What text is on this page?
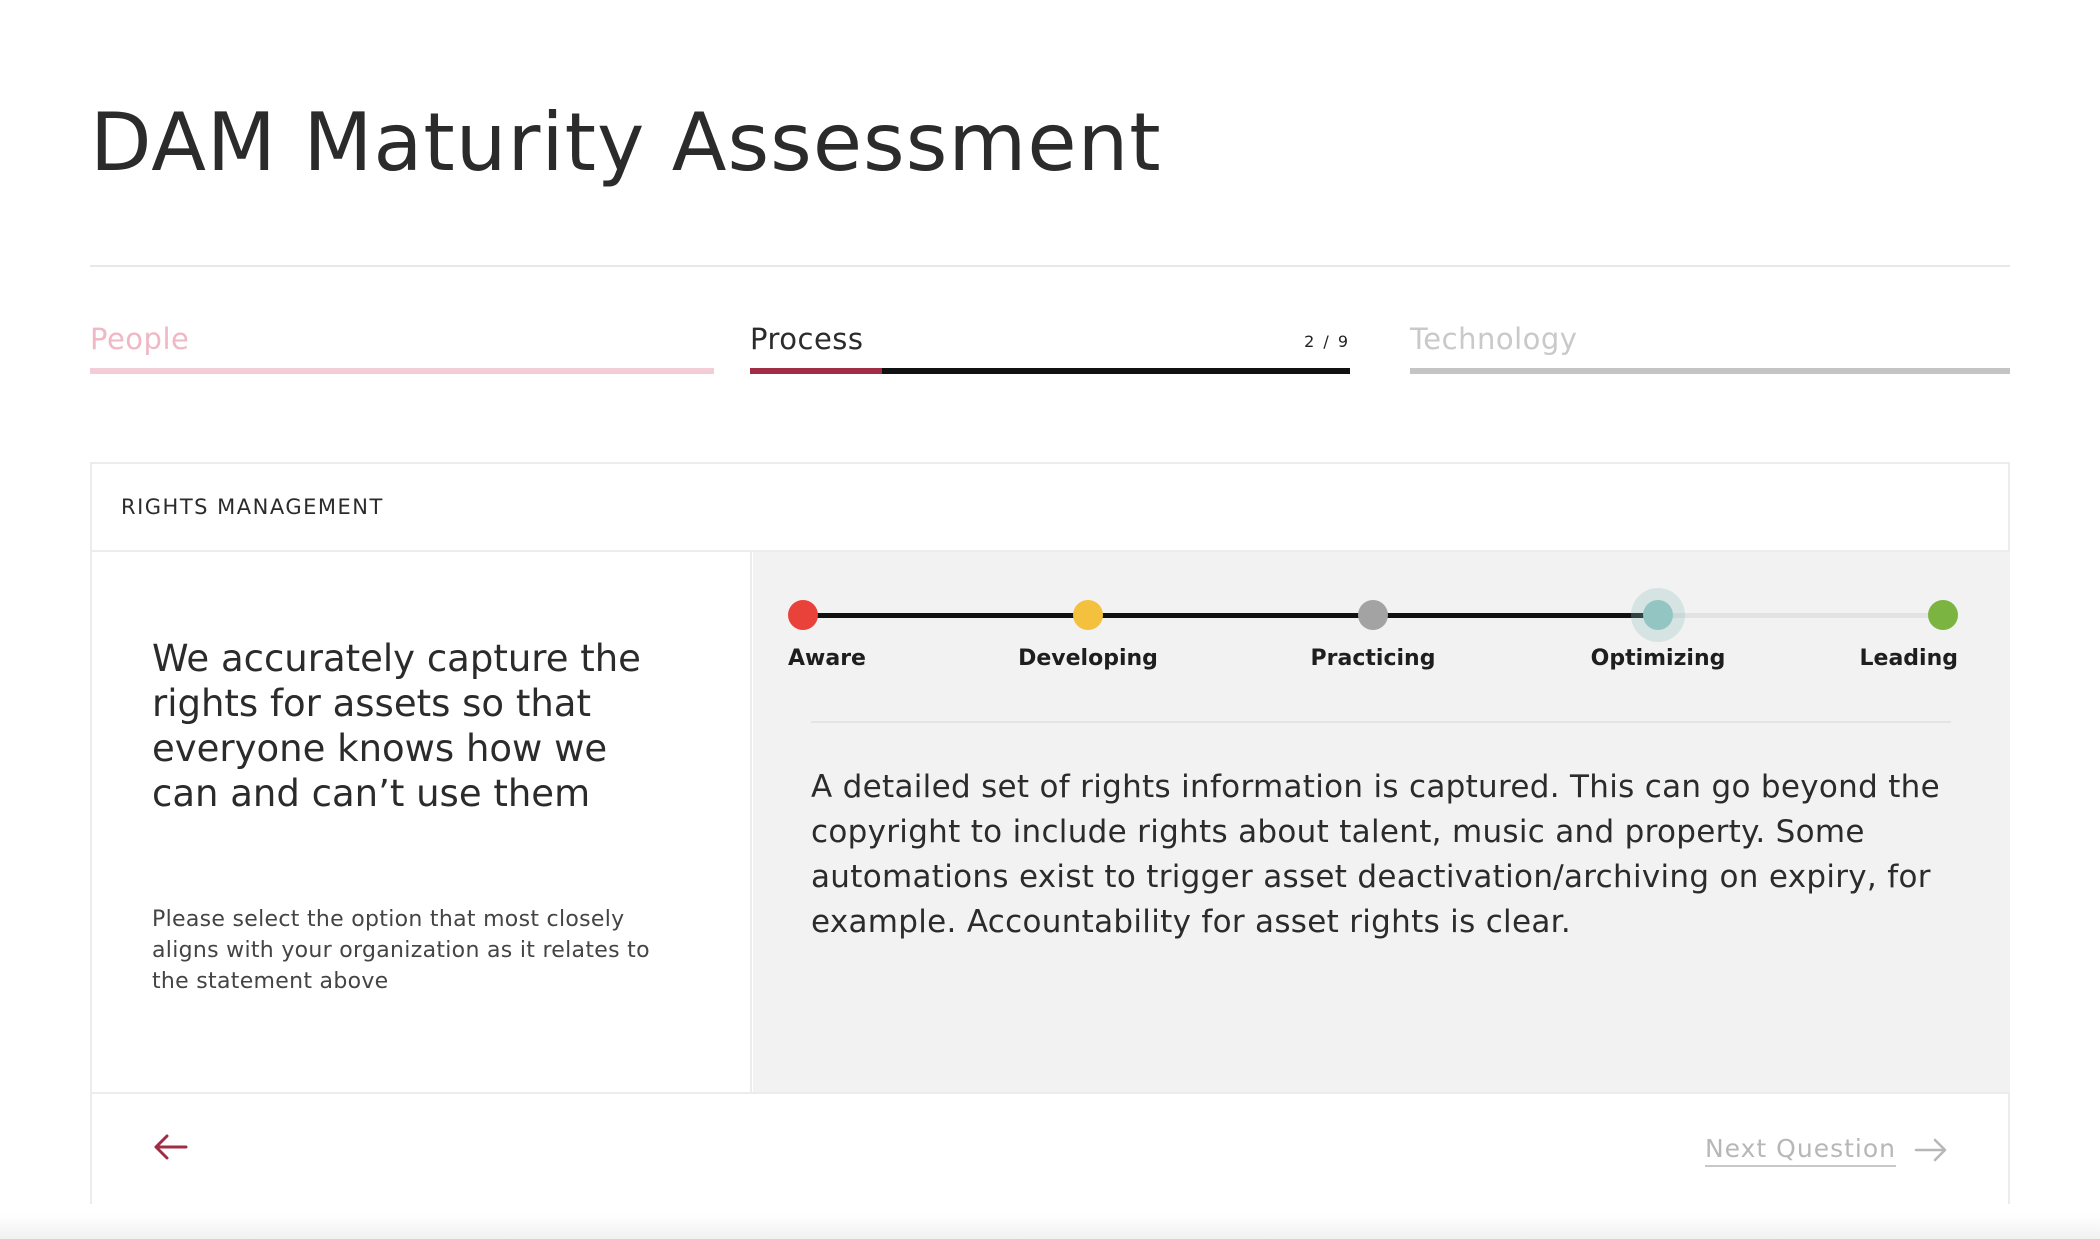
DAM Maturity Assessment
People	Process	2 / 9 Technology
RIGHTS MANAGEMENT

We accurately capture the rights for assets so that everyone knows how we can and can’t use them

Please select the option that most closely aligns with your organization as it relates to the statement above

Aware	Developing	Practicing	Optimizing	Leading

A detailed set of rights information is captured. This can go beyond the copyright to include rights about talent, music and property. Some automations exist to trigger asset deactivation/archiving on expiry, for example. Accountability for asset rights is clear.

Next Question
